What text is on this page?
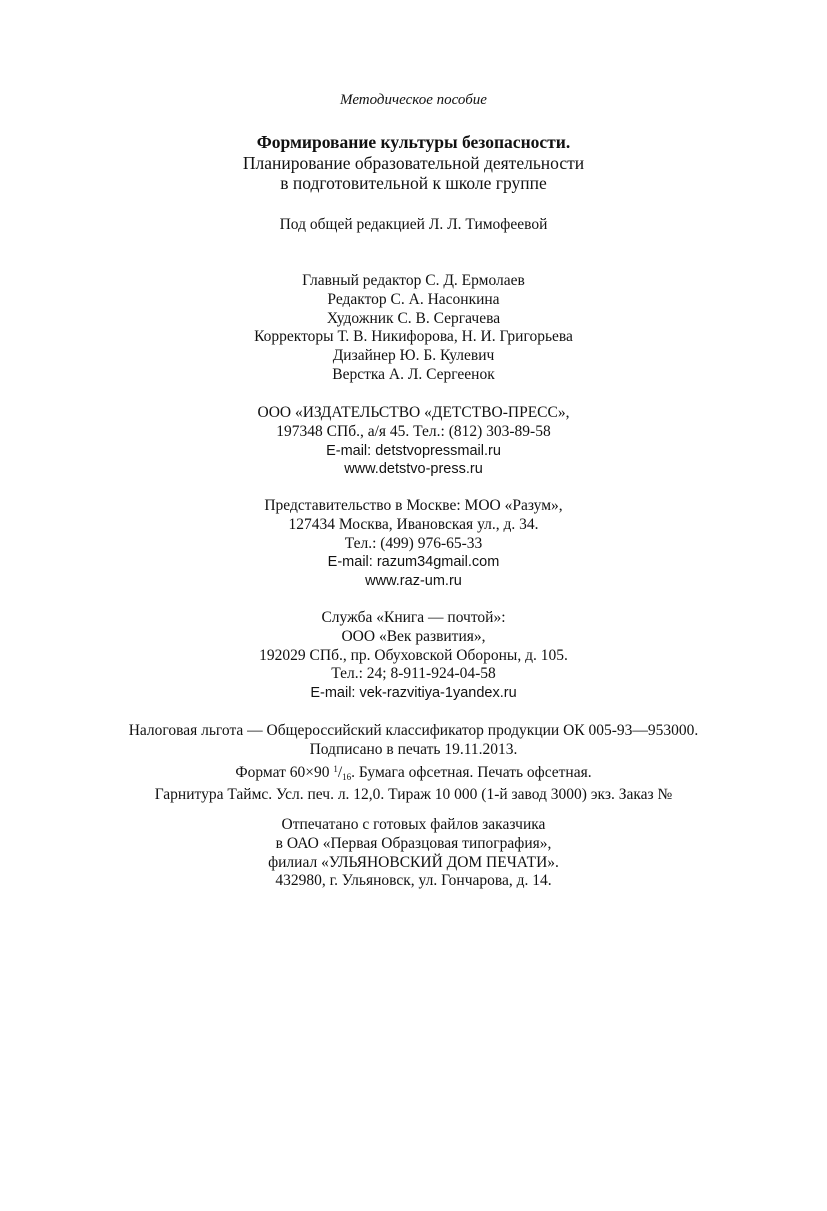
Методическое пособие
Формирование культуры безопасности.
Планирование образовательной деятельности
в подготовительной к школе группе
Под общей редакцией Л. Л. Тимофеевой
Главный редактор С. Д. Ермолаев
Редактор С. А. Насонкина
Художник С. В. Сергачева
Корректоры Т. В. Никифорова, Н. И. Григорьева
Дизайнер Ю. Б. Кулевич
Верстка А. Л. Сергеенок
ООО «ИЗДАТЕЛЬСТВО «ДЕТСТВО-ПРЕСС»,
197348 СПб., а/я 45. Тел.: (812) 303-89-58
E-mail: detstvopressmail.ru
www.detstvo-press.ru
Представительство в Москве: МОО «Разум»,
127434 Москва, Ивановская ул., д. 34.
Тел.: (499) 976-65-33
E-mail: razum34gmail.com
www.raz-um.ru
Служба «Книга — почтой»:
ООО «Век развития»,
192029 СПб., пр. Обуховской Обороны, д. 105.
Тел.: 24; 8-911-924-04-58
E-mail: vek-razvitiya-1yandex.ru
Налоговая льгота — Общероссийский классификатор продукции ОК 005-93—953000.
Подписано в печать 19.11.2013.
Формат 60×90 $^1$/16. Бумага офсетная. Печать офсетная.
Гарнитура Таймс. Усл. печ. л. 12,0. Тираж 10 000 (1-й завод 3000) экз. Заказ №
Отпечатано с готовых файлов заказчика
в ОАО «Первая Образцовая типография»,
филиал «УЛЬЯНОВСКИЙ ДОМ ПЕЧАТИ».
432980, г. Ульяновск, ул. Гончарова, д. 14.
